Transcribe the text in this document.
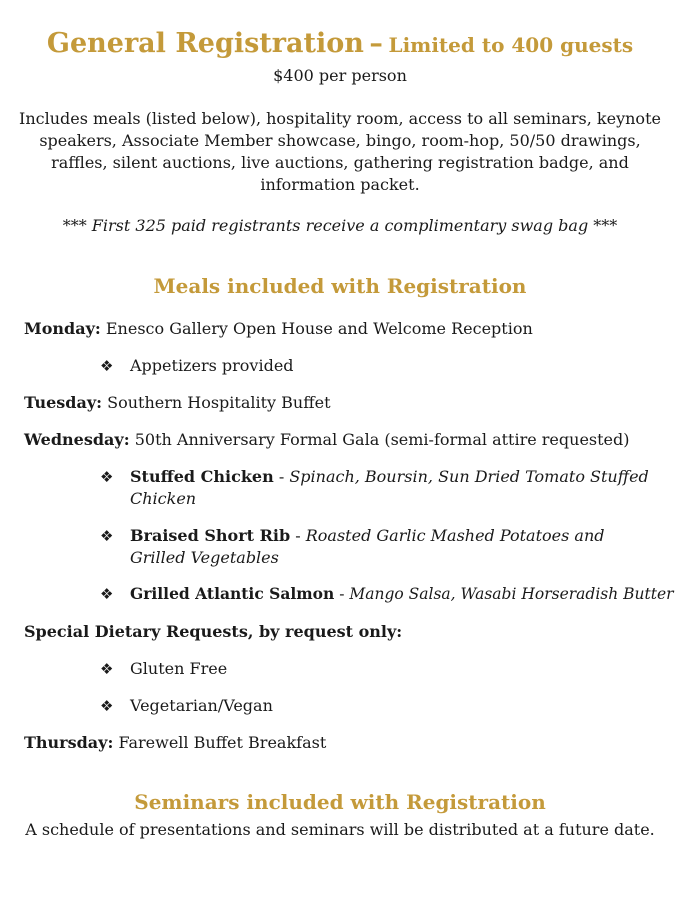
General Registration – Limited to 400 guests
$400 per person
Includes meals (listed below), hospitality room, access to all seminars, keynote speakers, Associate Member showcase, bingo, room-hop, 50/50 drawings, raffles, silent auctions, live auctions, gathering registration badge, and information packet.
*** First 325 paid registrants receive a complimentary swag bag ***
Meals included with Registration
Monday: Enesco Gallery Open House and Welcome Reception
❖	Appetizers provided
Tuesday: Southern Hospitality Buffet
Wednesday: 50th Anniversary Formal Gala (semi-formal attire requested)
❖	Stuffed Chicken - Spinach, Boursin, Sun Dried Tomato Stuffed Chicken
❖	Braised Short Rib - Roasted Garlic Mashed Potatoes and Grilled Vegetables
❖	Grilled Atlantic Salmon - Mango Salsa, Wasabi Horseradish Butter
Special Dietary Requests, by request only:
❖	Gluten Free
❖	Vegetarian/Vegan
Thursday: Farewell Buffet Breakfast
Seminars included with Registration
A schedule of presentations and seminars will be distributed at a future date.
